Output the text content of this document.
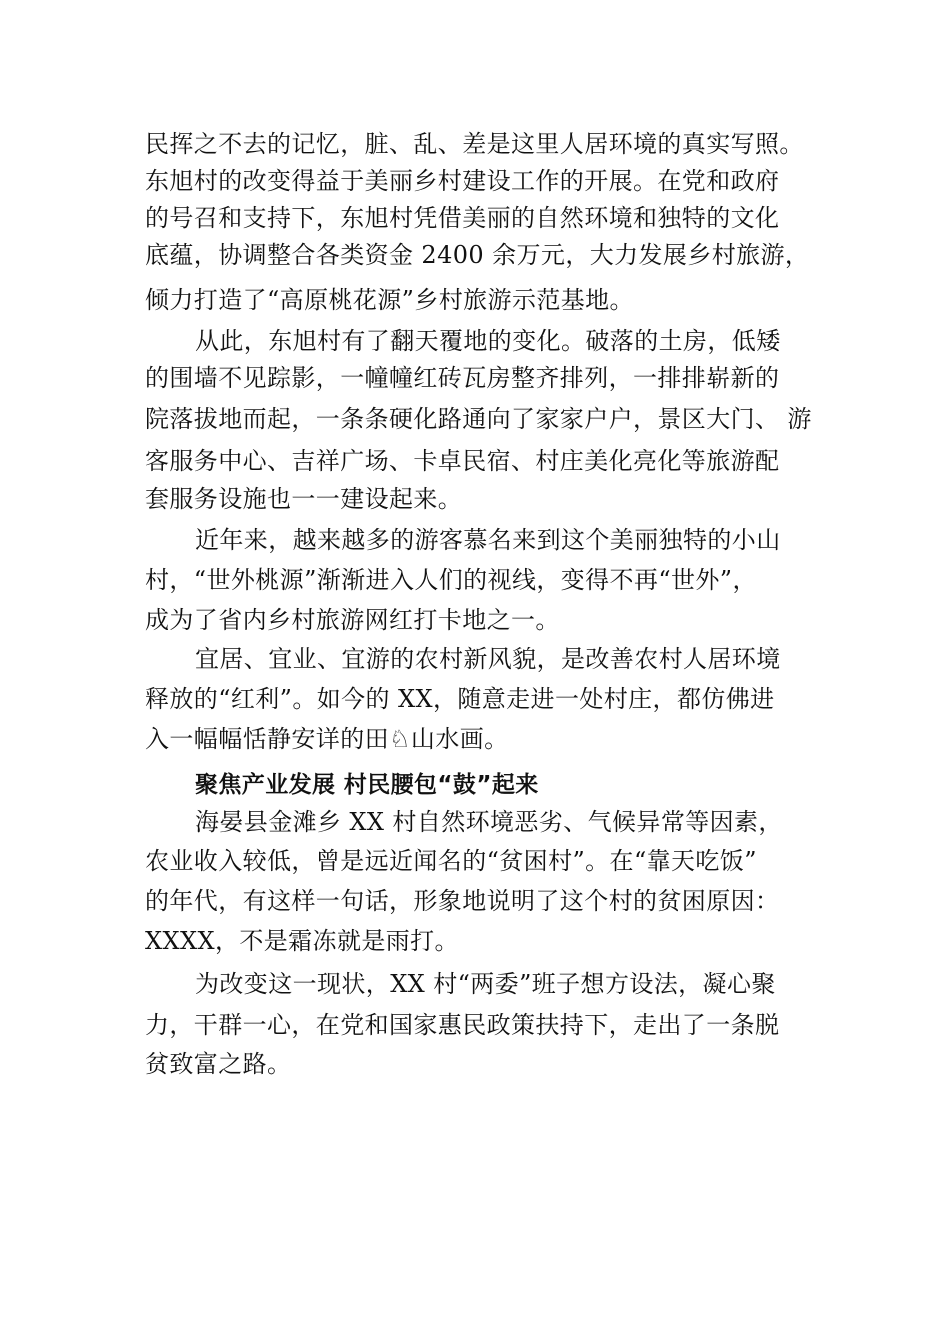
民挥之不去的记忆，脏、乱、差是这里人居环境的真实写照。

东旭村的改变得益于美丽乡村建设工作的开展。在党和政府

的号召和支持下，东旭村凭借美丽的自然环境和独特的文化

底蕴，协调整合各类资金 2400 余万元，大力发展乡村旅游，

倾力打造了“高原桃花源”乡村旅游示范基地。

从此，东旭村有了翻天覆地的变化。破落的土房，低矮

的围墙不见踪影，一幢幢红砖瓦房整齐排列，一排排崭新的

院落拔地而起，一条条硬化路通向了家家户户，景区大门、 游

客服务中心、吉祥广场、卡卓民宿、村庄美化亮化等旅游配

套服务设施也一一建设起来。

近年来，越来越多的游客慕名来到这个美丽独特的小山

村，“世外桃源”渐渐进入人们的视线，变得不再“世外”，

成为了省内乡村旅游网红打卡地之一。

宜居、宜业、宜游的农村新风貌，是改善农村人居环境

释放的“红利”。如今的 XX，随意走进一处村庄，都仿佛进

入一幅幅恬静安详的田♘山水画。

聚焦产业发展 村民腰包“鼓”起来

海晏县金滩乡 XX 村自然环境恶劣、气候异常等因素，

农业收入较低，曾是远近闻名的“贫困村”。在“靠天吃饭”

的年代，有这样一句话，形象地说明了这个村的贫困原因：

XXXX，不是霜冻就是雨打。

为改变这一现状，XX 村“两委”班子想方设法，凝心聚

力，干群一心，在党和国家惠民政策扶持下，走出了一条脱

贫致富之路。
